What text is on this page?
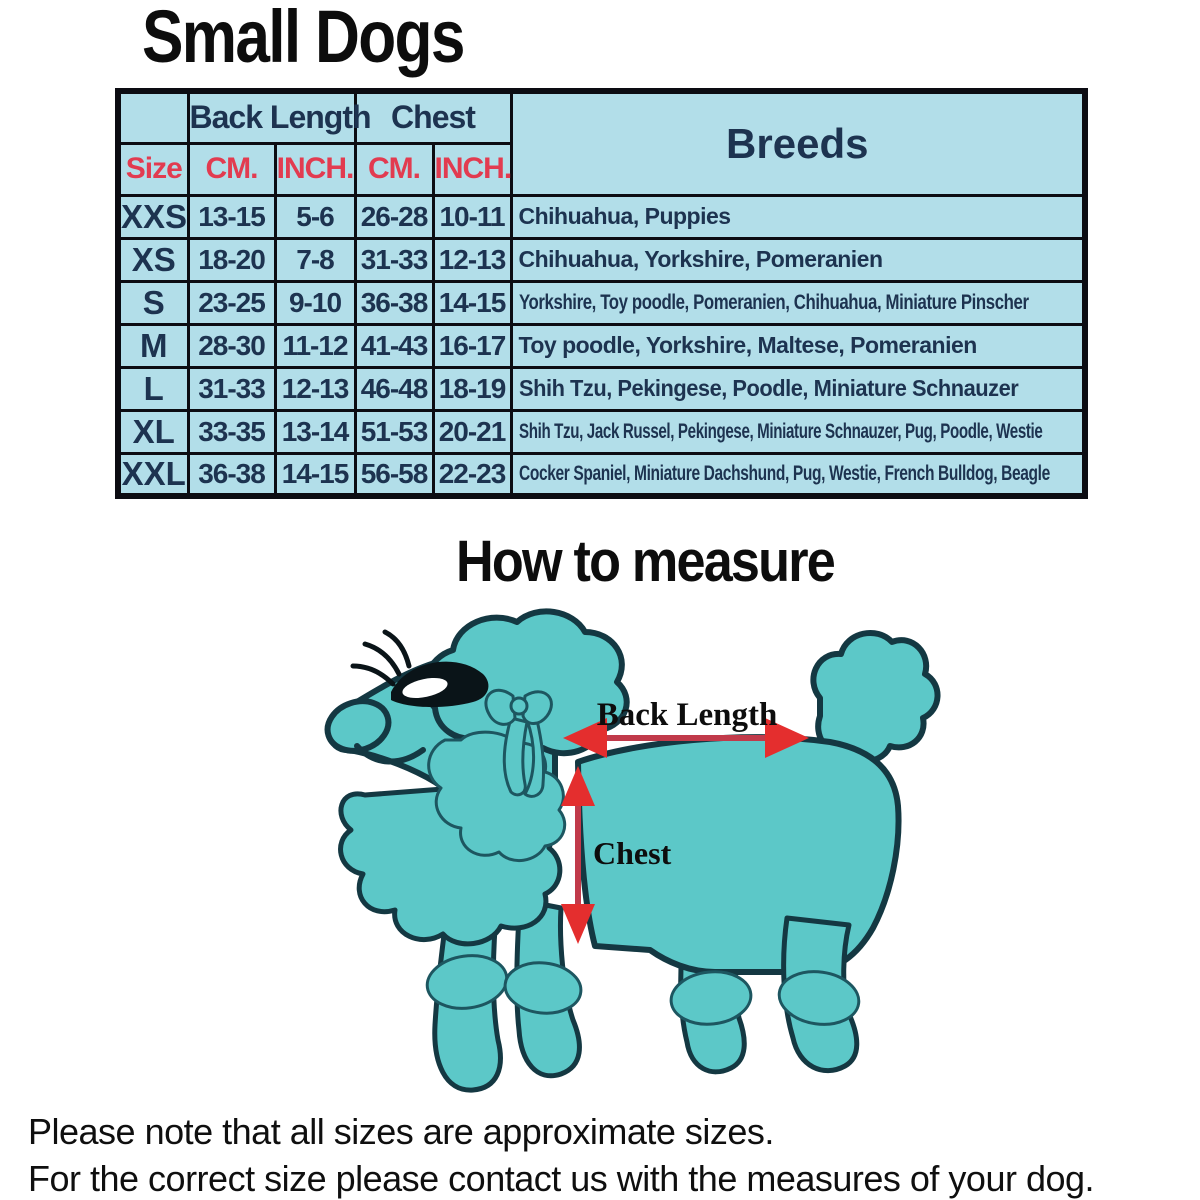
Small Dogs
	Back Length		Chest		Breeds
Size	CM.	INCH.	CM.	INCH.	
XXS	13-15	5-6	26-28	10-11	Chihuahua, Puppies
XS	18-20	7-8	31-33	12-13	Chihuahua, Yorkshire, Pomeranien
S	23-25	9-10	36-38	14-15	Yorkshire, Toy poodle, Pomeranien, Chihuahua, Miniature Pinscher
M	28-30	11-12	41-43	16-17	Toy poodle, Yorkshire, Maltese, Pomeranien
L	31-33	12-13	46-48	18-19	Shih Tzu, Pekingese, Poodle, Miniature Schnauzer
XL	33-35	13-14	51-53	20-21	Shih Tzu, Jack Russel, Pekingese, Miniature Schnauzer, Pug, Poodle, Westie
XXL	36-38	14-15	56-58	22-23	Cocker Spaniel, Miniature Dachshund, Pug, Westie, French Bulldog, Beagle
How to measure
Back Length
Chest

Please note that all sizes are approximate sizes.

For the correct size please contact us with the measures of your dog.
